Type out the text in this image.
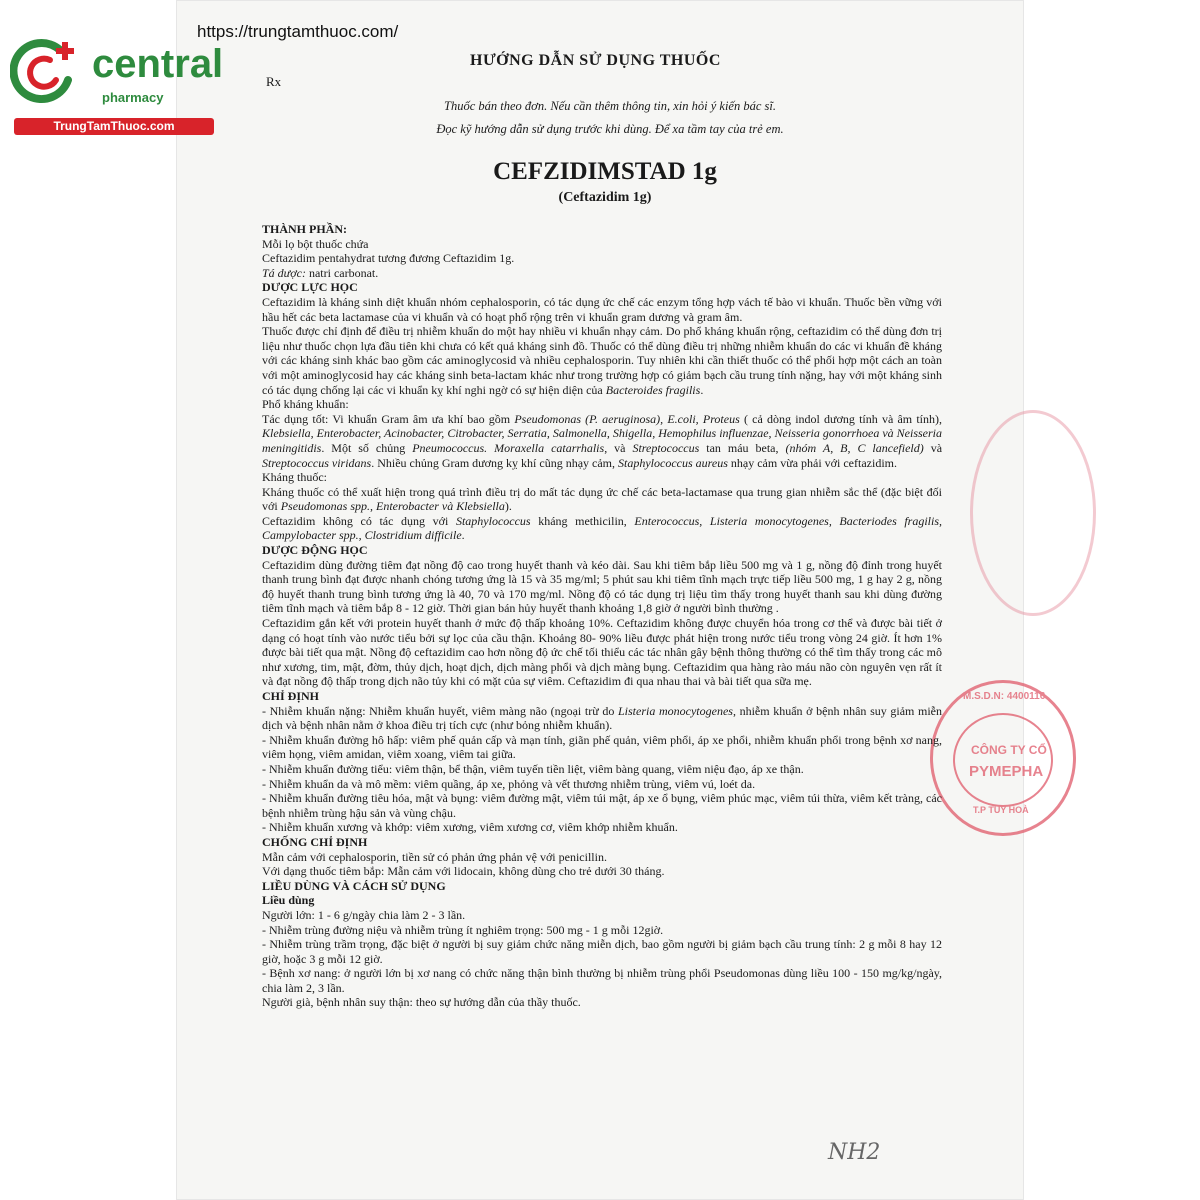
https://trungtamthuoc.com/
central
pharmacy
TrungTamThuoc.com
HƯỚNG DẪN SỬ DỤNG THUỐC
Rx
Thuốc bán theo đơn. Nếu cần thêm thông tin, xin hỏi ý kiến bác sĩ.
Đọc kỹ hướng dẫn sử dụng trước khi dùng. Để xa tầm tay của trẻ em.
CEFZIDIMSTAD 1g
(Ceftazidim 1g)
M.S.D.N: 4400116
CÔNG TY CỔ
PYMEPHA
T.P TUY HOÀ

THÀNH PHẦN:

Mỗi lọ bột thuốc chứa

Ceftazidim pentahydrat tương đương Ceftazidim 1g.

Tá dược: natri carbonat.

DƯỢC LỰC HỌC

Ceftazidim là kháng sinh diệt khuẩn nhóm cephalosporin, có tác dụng ức chế các enzym tổng hợp vách tế bào vi khuẩn. Thuốc bền vững với hầu hết các beta lactamase của vi khuẩn và có hoạt phổ rộng trên vi khuẩn gram dương và gram âm.

Thuốc được chỉ định để điều trị nhiễm khuẩn do một hay nhiều vi khuẩn nhạy cảm. Do phổ kháng khuẩn rộng, ceftazidim có thể dùng đơn trị liệu như thuốc chọn lựa đầu tiên khi chưa có kết quả kháng sinh đồ. Thuốc có thể dùng điều trị những nhiễm khuẩn do các vi khuẩn đề kháng với các kháng sinh khác bao gồm các aminoglycosid và nhiều cephalosporin. Tuy nhiên khi cần thiết thuốc có thể phối hợp một cách an toàn với một aminoglycosid hay các kháng sinh beta-lactam khác như trong trường hợp có giảm bạch cầu trung tính nặng, hay với một kháng sinh có tác dụng chống lại các vi khuẩn kỵ khí nghi ngờ có sự hiện diện của Bacteroides fragilis.

Phổ kháng khuẩn:

Tác dụng tốt: Vi khuẩn Gram âm ưa khí bao gồm Pseudomonas (P. aeruginosa), E.coli, Proteus ( cả dòng indol dương tính và âm tính), Klebsiella, Enterobacter, Acinobacter, Citrobacter, Serratia, Salmonella, Shigella, Hemophilus influenzae, Neisseria gonorrhoea và Neisseria meningitidis. Một số chủng Pneumococcus. Moraxella catarrhalis, và Streptococcus tan máu beta, (nhóm A, B, C lancefield) và Streptococcus viridans. Nhiều chủng Gram dương kỵ khí cũng nhạy cảm, Staphylococcus aureus nhạy cảm vừa phải với ceftazidim.

Kháng thuốc:

Kháng thuốc có thể xuất hiện trong quá trình điều trị do mất tác dụng ức chế các beta-lactamase qua trung gian nhiễm sắc thể (đặc biệt đối với Pseudomonas spp., Enterobacter và Klebsiella).

Ceftazidim không có tác dụng với Staphylococcus kháng methicilin, Enterococcus, Listeria monocytogenes, Bacteriodes fragilis, Campylobacter spp., Clostridium difficile.

DƯỢC ĐỘNG HỌC

Ceftazidim dùng đường tiêm đạt nồng độ cao trong huyết thanh và kéo dài. Sau khi tiêm bắp liều 500 mg và 1 g, nồng độ đỉnh trong huyết thanh trung bình đạt được nhanh chóng tương ứng là 15 và 35 mg/ml; 5 phút sau khi tiêm tĩnh mạch trực tiếp liều 500 mg, 1 g hay 2 g, nồng độ huyết thanh trung bình tương ứng là 40, 70 và 170 mg/ml. Nồng độ có tác dụng trị liệu tìm thấy trong huyết thanh sau khi dùng đường tiêm tĩnh mạch và tiêm bắp 8 - 12 giờ. Thời gian bán hủy huyết thanh khoảng 1,8 giờ ở người bình thường .

Ceftazidim gắn kết với protein huyết thanh ở mức độ thấp khoảng 10%. Ceftazidim không được chuyển hóa trong cơ thể và được bài tiết ở dạng có hoạt tính vào nước tiểu bởi sự lọc của cầu thận. Khoảng 80- 90% liều được phát hiện trong nước tiểu trong vòng 24 giờ. Ít hơn 1% được bài tiết qua mật. Nồng độ ceftazidim cao hơn nồng độ ức chế tối thiểu các tác nhân gây bệnh thông thường có thể tìm thấy trong các mô như xương, tim, mật, đờm, thủy dịch, hoạt dịch, dịch màng phổi và dịch màng bụng. Ceftazidim qua hàng rào máu não còn nguyên vẹn rất ít và đạt nồng độ thấp trong dịch não tủy khi có mặt của sự viêm. Ceftazidim đi qua nhau thai và bài tiết qua sữa mẹ.

CHỈ ĐỊNH

- Nhiễm khuẩn nặng: Nhiễm khuẩn huyết, viêm màng não (ngoại trừ do Listeria monocytogenes, nhiễm khuẩn ở bệnh nhân suy giảm miễn dịch và bệnh nhân nằm ở khoa điều trị tích cực (như bỏng nhiễm khuẩn).

- Nhiễm khuẩn đường hô hấp: viêm phế quản cấp và mạn tính, giãn phế quản, viêm phổi, áp xe phổi, nhiễm khuẩn phổi trong bệnh xơ nang, viêm họng, viêm amidan, viêm xoang, viêm tai giữa.

- Nhiễm khuẩn đường tiểu: viêm thận, bể thận, viêm tuyến tiền liệt, viêm bàng quang, viêm niệu đạo, áp xe thận.

- Nhiễm khuẩn da và mô mềm: viêm quầng, áp xe, phỏng và vết thương nhiễm trùng, viêm vú, loét da.

- Nhiễm khuẩn đường tiêu hóa, mật và bụng: viêm đường mật, viêm túi mật, áp xe ổ bụng, viêm phúc mạc, viêm túi thừa, viêm kết tràng, các bệnh nhiễm trùng hậu sản và vùng chậu.

- Nhiễm khuẩn xương và khớp: viêm xương, viêm xương cơ, viêm khớp nhiễm khuẩn.

CHỐNG CHỈ ĐỊNH

Mẫn cảm với cephalosporin, tiền sử có phản ứng phản vệ với penicillin.

Với dạng thuốc tiêm bắp: Mẫn cảm với lidocain, không dùng cho trẻ dưới 30 tháng.

LIỀU DÙNG VÀ CÁCH SỬ DỤNG

Liều dùng

Người lớn: 1 - 6 g/ngày chia làm 2 - 3 lần.

- Nhiễm trùng đường niệu và nhiễm trùng ít nghiêm trọng: 500 mg - 1 g mỗi 12giờ.

- Nhiễm trùng trầm trọng, đặc biệt ở người bị suy giảm chức năng miễn dịch, bao gồm người bị giảm bạch cầu trung tính: 2 g mỗi 8 hay 12 giờ, hoặc 3 g mỗi 12 giờ.

- Bệnh xơ nang: ở người lớn bị xơ nang có chức năng thận bình thường bị nhiễm trùng phổi Pseudomonas dùng liều 100 - 150 mg/kg/ngày, chia làm 2, 3 lần.

Người già, bệnh nhân suy thận: theo sự hướng dẫn của thầy thuốc.

NH2
